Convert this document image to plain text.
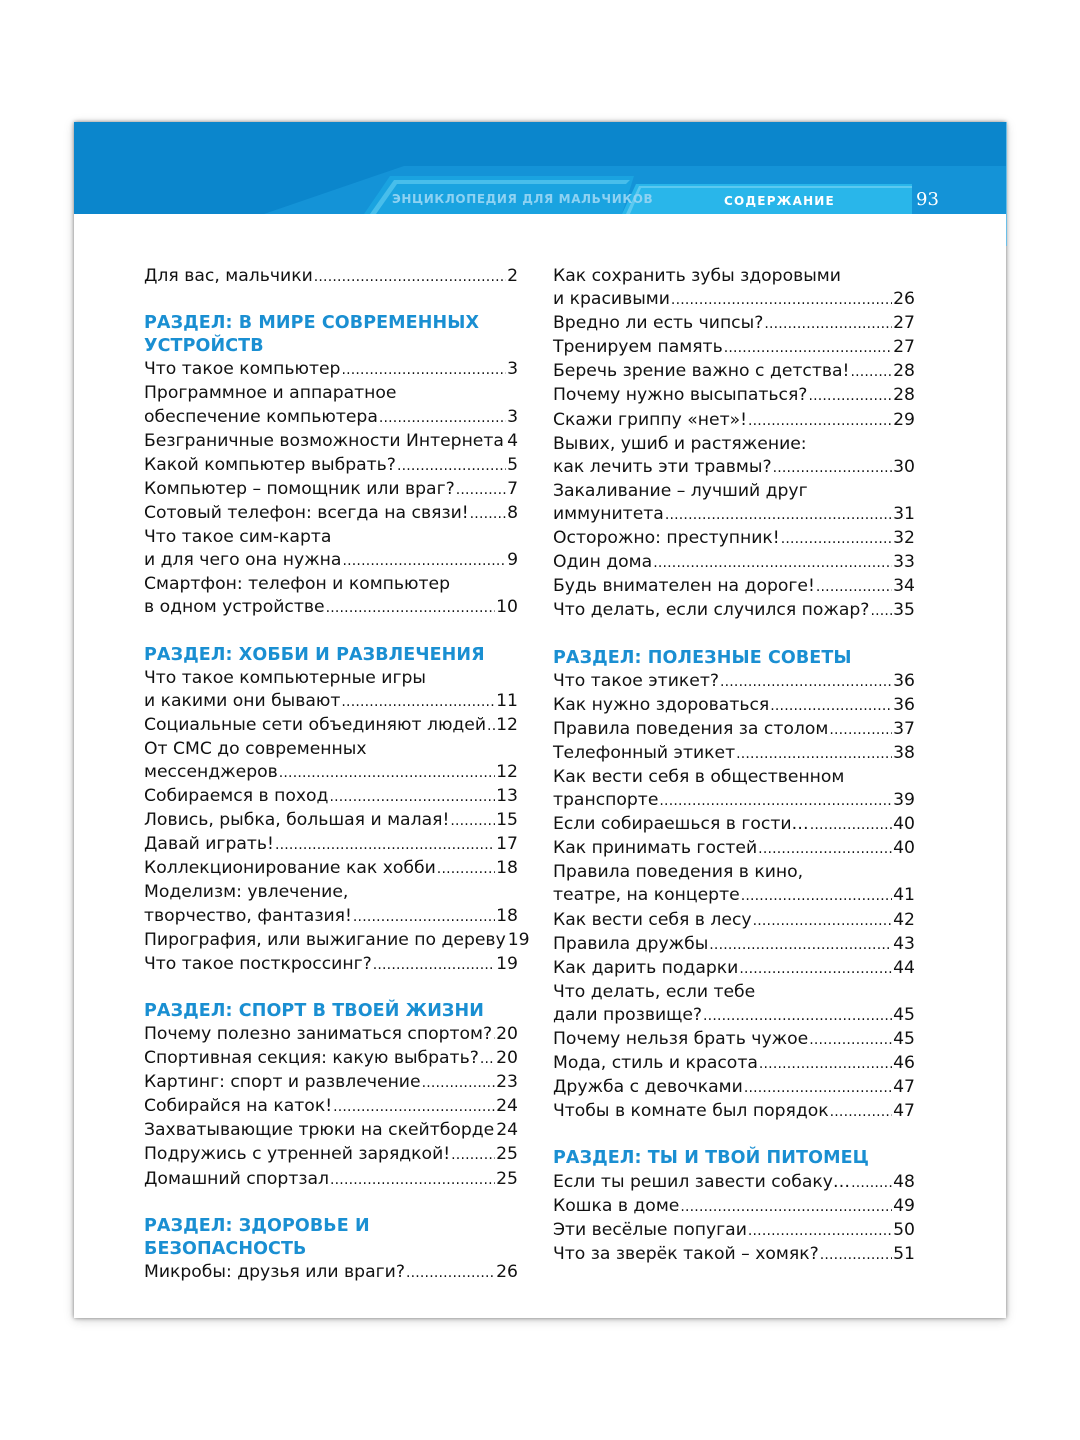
ЭНЦИКЛОПЕДИЯ ДЛЯ МАЛЬЧИКОВ	СОДЕРЖАНИЕ	93
Для вас, мальчики .....	2
РАЗДЕЛ: В МИРЕ СОВРЕМЕННЫХ
УСТРОЙСТВ
Что такое компьютер .....	3
Программное и аппаратное
обеспечение компьютера .....	3
Безграничные возможности Интернета ..... 4
Какой компьютер выбрать? .....	5
Компьютер – помощник или враг? .....	7
Сотовый телефон: всегда на связи! ..... 8
Что такое сим-карта
и для чего она нужна .....	9
Смартфон: телефон и компьютер
в одном устройстве .....	10
РАЗДЕЛ: ХОББИ И РАЗВЛЕЧЕНИЯ
Что такое компьютерные игры
и какими они бывают .....	11
Социальные сети объединяют людей ..... 12
От СМС до современных
мессенджеров .....	12
Собираемся в поход .....	13
Ловись, рыбка, большая и малая! .....	15
Давай играть! .....	17
Коллекционирование как хобби .....	18
Моделизм: увлечение,
творчество, фантазия! .....	18
Пирография, или выжигание по дереву 19
Что такое посткроссинг? .....	19
РАЗДЕЛ: СПОРТ В ТВОЕЙ ЖИЗНИ
Почему полезно заниматься спортом? ..... 20
Спортивная секция: какую выбрать? ..... 20
Картинг: спорт и развлечение .....	23
Собирайся на каток! .....	24
Захватывающие трюки на скейтборде 24
Подружись с утренней зарядкой! .....	25
Домашний спортзал .....	25
РАЗДЕЛ: ЗДОРОВЬЕ И БЕЗОПАСНОСТЬ
Микробы: друзья или враги? .....	26
Как сохранить зубы здоровыми
и красивыми .....	26
Вредно ли есть чипсы? .....	27
Тренируем память .....	27
Беречь зрение важно с детства! .....	28
Почему нужно высыпаться? .....	28
Скажи гриппу «нет»! .....	29
Вывих, ушиб и растяжение:
как лечить эти травмы? .....	30
Закаливание – лучший друг
иммунитета .....	31
Осторожно: преступник! .....	32
Один дома .....	33
Будь внимателен на дороге! .....	34
Что делать, если случился пожар? ..... 35
РАЗДЕЛ: ПОЛЕЗНЫЕ СОВЕТЫ
Что такое этикет? .....	36
Как нужно здороваться .....	36
Правила поведения за столом .....	37
Телефонный этикет .....	38
Как вести себя в общественном
транспорте .....	39
Если собираешься в гости… .....	40
Как принимать гостей .....	40
Правила поведения в кино,
театре, на концерте .....	41
Как вести себя в лесу .....	42
Правила дружбы .....	43
Как дарить подарки .....	44
Что делать, если тебе
дали прозвище? .....	45
Почему нельзя брать чужое .....	45
Мода, стиль и красота .....	46
Дружба с девочками .....	47
Чтобы в комнате был порядок .....	47
РАЗДЕЛ: ТЫ И ТВОЙ ПИТОМЕЦ
Если ты решил завести собаку… .....	48
Кошка в доме .....	49
Эти весёлые попугаи .....	50
Что за зверёк такой – хомяк? .....	51
